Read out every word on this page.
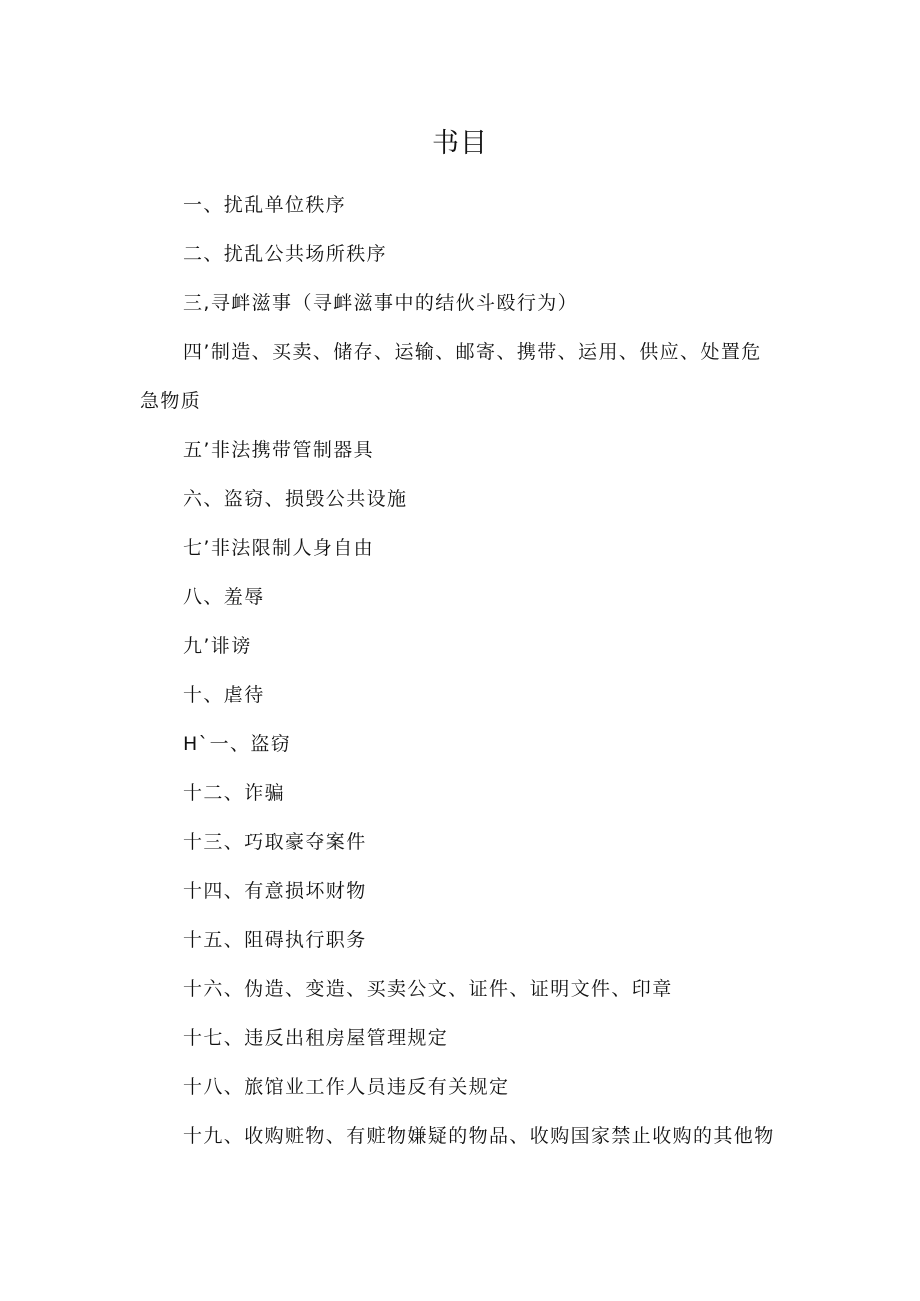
书目
一、扰乱单位秩序
二、扰乱公共场所秩序
三,寻衅滋事（寻衅滋事中的结伙斗殴行为）
四’制造、买卖、储存、运输、邮寄、携带、运用、供应、处置危急物质
五’非法携带管制器具
六、盗窃、损毁公共设施
七’非法限制人身自由
八、羞辱
九’诽谤
十、虐待
H`一、盗窃
十二、诈骗
十三、巧取豪夺案件
十四、有意损坏财物
十五、阻碍执行职务
十六、伪造、变造、买卖公文、证件、证明文件、印章
十七、违反出租房屋管理规定
十八、旅馆业工作人员违反有关规定
十九、收购赃物、有赃物嫌疑的物品、收购国家禁止收购的其他物
